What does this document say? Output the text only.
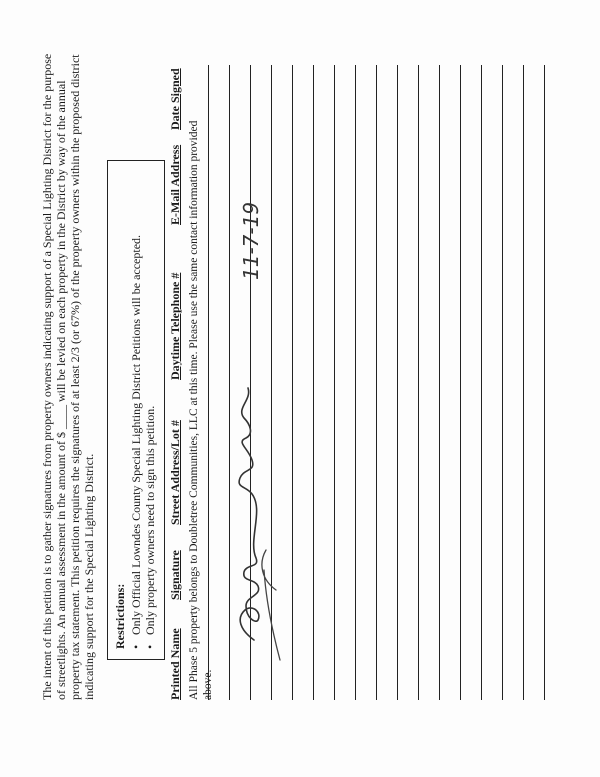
The intent of this petition is to gather signatures from property owners indicating support of a Special Lighting District for the purpose of streetlights. An annual assessment in the amount of $ ____ will be levied on each property in the District by way of the annual property tax statement. This petition requires the signatures of at least 2/3 (or 67%) of the property owners within the proposed district indicating support for the Special Lighting District. Restrictions: • Only Official Lowndes County Special Lighting District Petitions will be accepted. • Only property owners need to sign this petition.
Printed Name
Signature
Street Address/Lot #
Daytime Telephone #
E-Mail Address
Date Signed
All Phase 5 property belongs to Doubletree Communities, LLC at this time. Please use the same contact information provided above.
11-7-19
